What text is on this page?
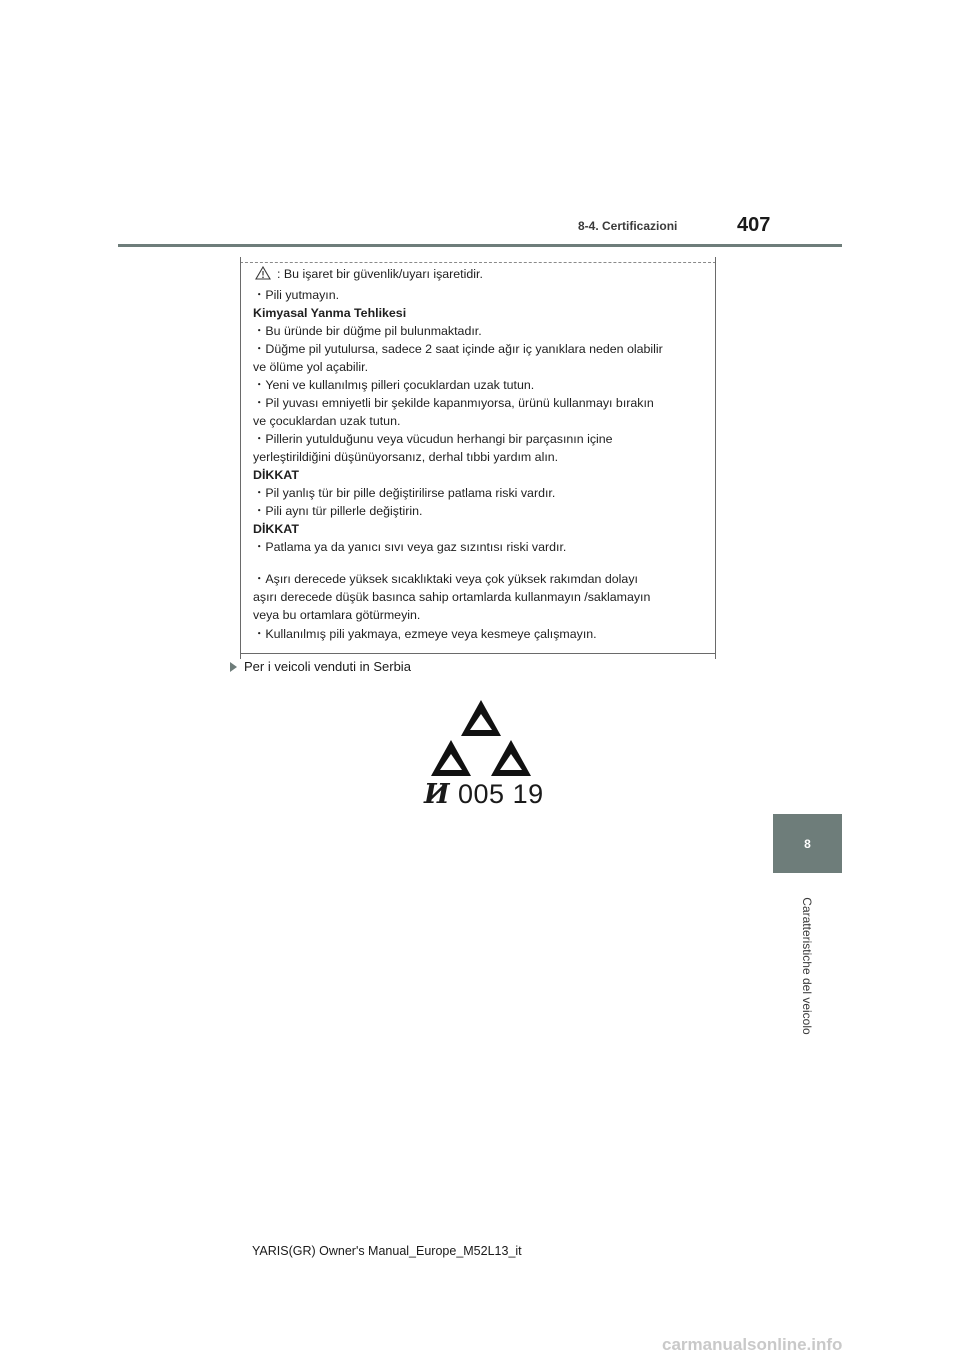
8-4. Certificazioni	407
8
Caratteristiche del veicolo
: Bu işaret bir güvenlik/uyarı işaretidir.
・Pili yutmayın.
Kimyasal Yanma Tehlikesi
・Bu üründe bir düğme pil bulunmaktadır.
・Düğme pil yutulursa, sadece 2 saat içinde ağır iç yanıklara neden olabilir
ve ölüme yol açabilir.
・Yeni ve kullanılmış pilleri çocuklardan uzak tutun.
・Pil yuvası emniyetli bir şekilde kapanmıyorsa, ürünü kullanmayı bırakın
ve çocuklardan uzak tutun.
・Pillerin yutulduğunu veya vücudun herhangi bir parçasının içine
yerleştirildiğini düşünüyorsanız, derhal tıbbi yardım alın.
DİKKAT
・Pil yanlış tür bir pille değiştirilirse patlama riski vardır.
・Pili aynı tür pillerle değiştirin.
DİKKAT
・Patlama ya da yanıcı sıvı veya gaz sızıntısı riski vardır.
・Aşırı derecede yüksek sıcaklıktaki veya çok yüksek rakımdan dolayı
aşırı derecede düşük basınca sahip ortamlarda kullanmayın /saklamayın
veya bu ortamlara götürmeyin.
・Kullanılmış pili yakmaya, ezmeye veya kesmeye çalışmayın.
Per i veicoli venduti in Serbia
И 005 19
YARIS(GR) Owner's Manual_Europe_M52L13_it
carmanualsonline.info
